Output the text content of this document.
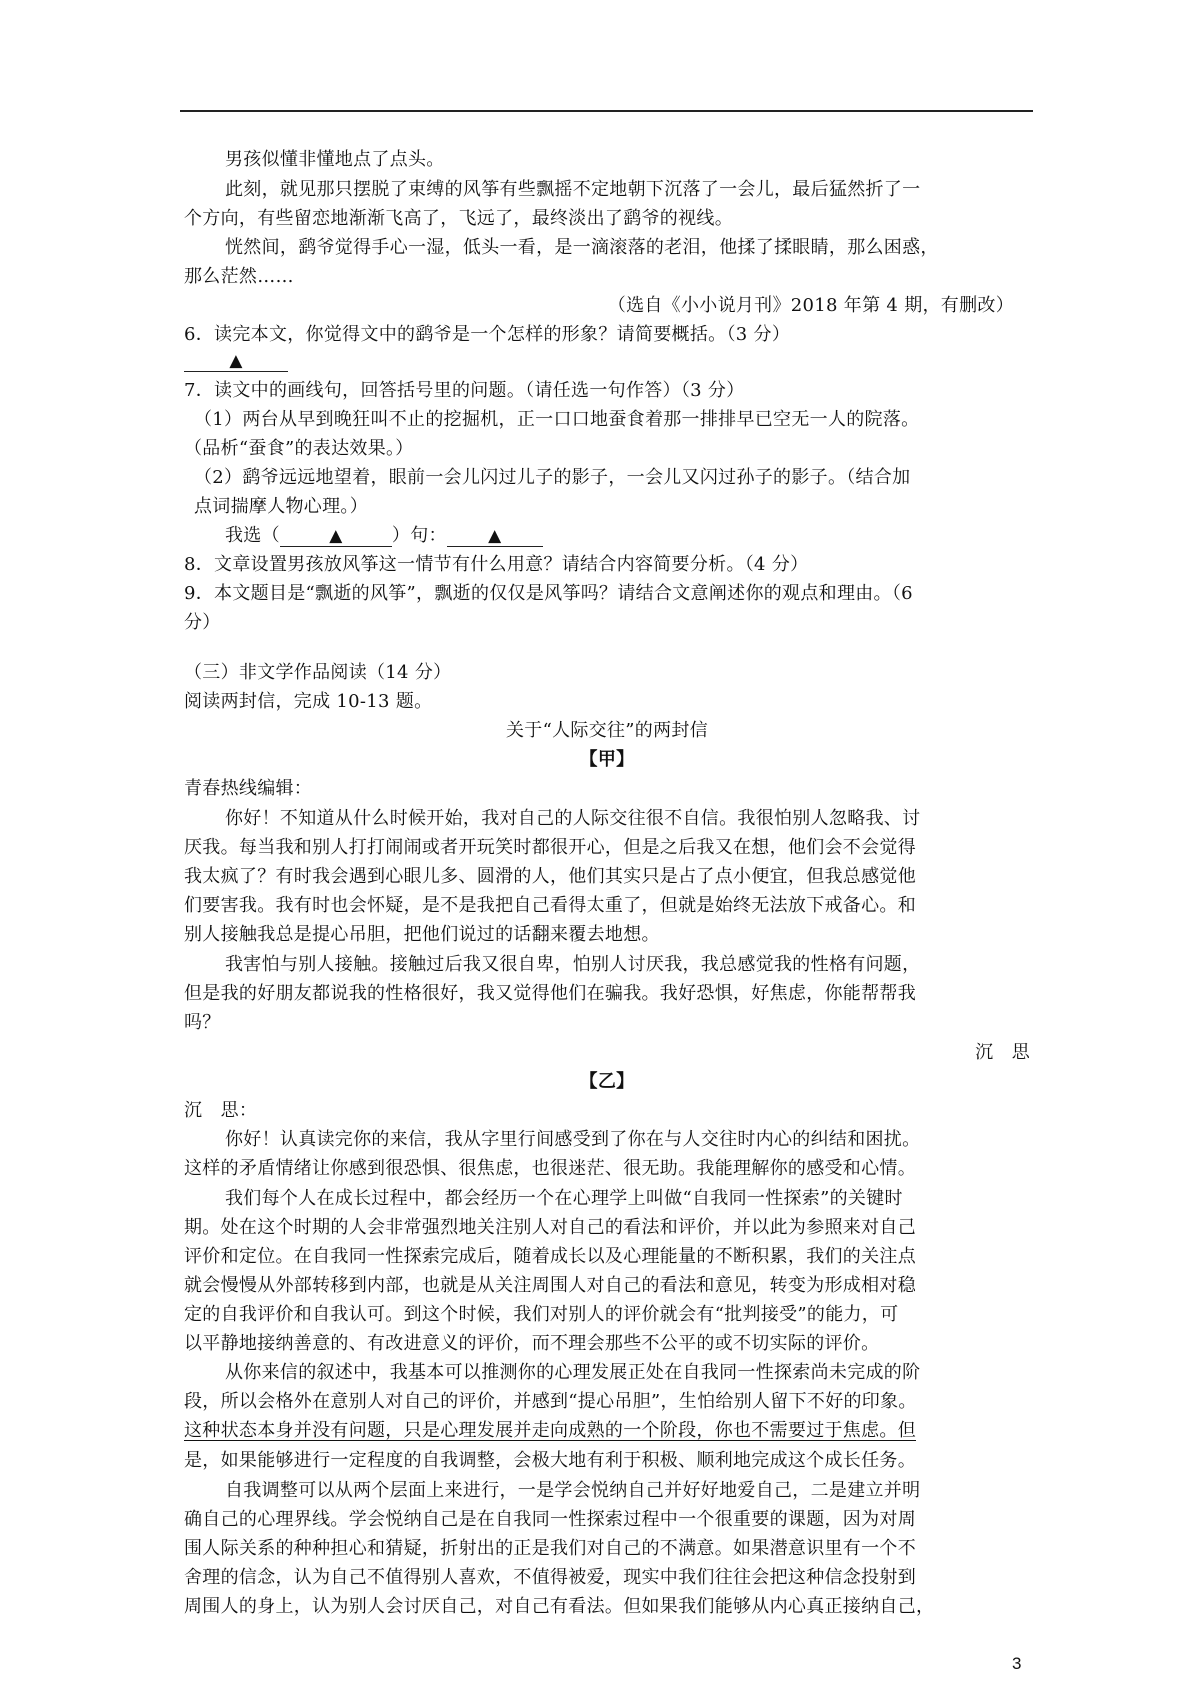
男孩似懂非懂地点了点头。
此刻，就见那只摆脱了束缚的风筝有些飘摇不定地朝下沉落了一会儿，最后猛然折了一
个方向，有些留恋地渐渐飞高了，飞远了，最终淡出了鹞爷的视线。
恍然间，鹞爷觉得手心一湿，低头一看，是一滴滚落的老泪，他揉了揉眼睛，那么困惑，
那么茫然……
（选自《小小说月刊》2018 年第 4 期，有删改）
6．读完本文，你觉得文中的鹞爷是一个怎样的形象？请简要概括。（3 分）
▲
7．读文中的画线句，回答括号里的问题。（请任选一句作答）（3 分）
（1）两台从早到晚狂叫不止的挖掘机，正一口口地蚕食着那一排排早已空无一人的院落。
（品析“蚕食”的表达效果。）
（2）鹞爷远远地望着，眼前一会儿闪过儿子的影子，一会儿又闪过孙子的影子。（结合加
点词揣摩人物心理。）
我选（	▲	）句： ▲
8．文章设置男孩放风筝这一情节有什么用意？请结合内容简要分析。（4 分）
9．本文题目是“飘逝的风筝”，飘逝的仅仅是风筝吗？请结合文意阐述你的观点和理由。（6
分）
（三）非文学作品阅读（14 分）
阅读两封信，完成 10-13 题。
关于“人际交往”的两封信
【甲】
青春热线编辑：
你好！不知道从什么时候开始，我对自己的人际交往很不自信。我很怕别人忽略我、讨
厌我。每当我和别人打打闹闹或者开玩笑时都很开心，但是之后我又在想，他们会不会觉得
我太疯了？有时我会遇到心眼儿多、圆滑的人，他们其实只是占了点小便宜，但我总感觉他
们要害我。我有时也会怀疑，是不是我把自己看得太重了，但就是始终无法放下戒备心。和
别人接触我总是提心吊胆，把他们说过的话翻来覆去地想。
我害怕与别人接触。接触过后我又很自卑，怕别人讨厌我，我总感觉我的性格有问题，
但是我的好朋友都说我的性格很好，我又觉得他们在骗我。我好恐惧，好焦虑，你能帮帮我
吗？
沉　思
【乙】
沉　思：
你好！认真读完你的来信，我从字里行间感受到了你在与人交往时内心的纠结和困扰。
这样的矛盾情绪让你感到很恐惧、很焦虑，也很迷茫、很无助。我能理解你的感受和心情。
我们每个人在成长过程中，都会经历一个在心理学上叫做“自我同一性探索”的关键时
期。处在这个时期的人会非常强烈地关注别人对自己的看法和评价，并以此为参照来对自己
评价和定位。在自我同一性探索完成后，随着成长以及心理能量的不断积累，我们的关注点
就会慢慢从外部转移到内部，也就是从关注周围人对自己的看法和意见，转变为形成相对稳
定的自我评价和自我认可。到这个时候，我们对别人的评价就会有“批判接受”的能力，可
以平静地接纳善意的、有改进意义的评价，而不理会那些不公平的或不切实际的评价。
从你来信的叙述中，我基本可以推测你的心理发展正处在自我同一性探索尚未完成的阶
段，所以会格外在意别人对自己的评价，并感到“提心吊胆”，生怕给别人留下不好的印象。
这种状态本身并没有问题，只是心理发展并走向成熟的一个阶段，你也不需要过于焦虑。但
是，如果能够进行一定程度的自我调整，会极大地有利于积极、顺利地完成这个成长任务。
自我调整可以从两个层面上来进行，一是学会悦纳自己并好好地爱自己，二是建立并明
确自己的心理界线。学会悦纳自己是在自我同一性探索过程中一个很重要的课题，因为对周
围人际关系的种种担心和猜疑，折射出的正是我们对自己的不满意。如果潜意识里有一个不
舍理的信念，认为自己不值得别人喜欢，不值得被爱，现实中我们往往会把这种信念投射到
周围人的身上，认为别人会讨厌自己，对自己有看法。但如果我们能够从内心真正接纳自己，
3
